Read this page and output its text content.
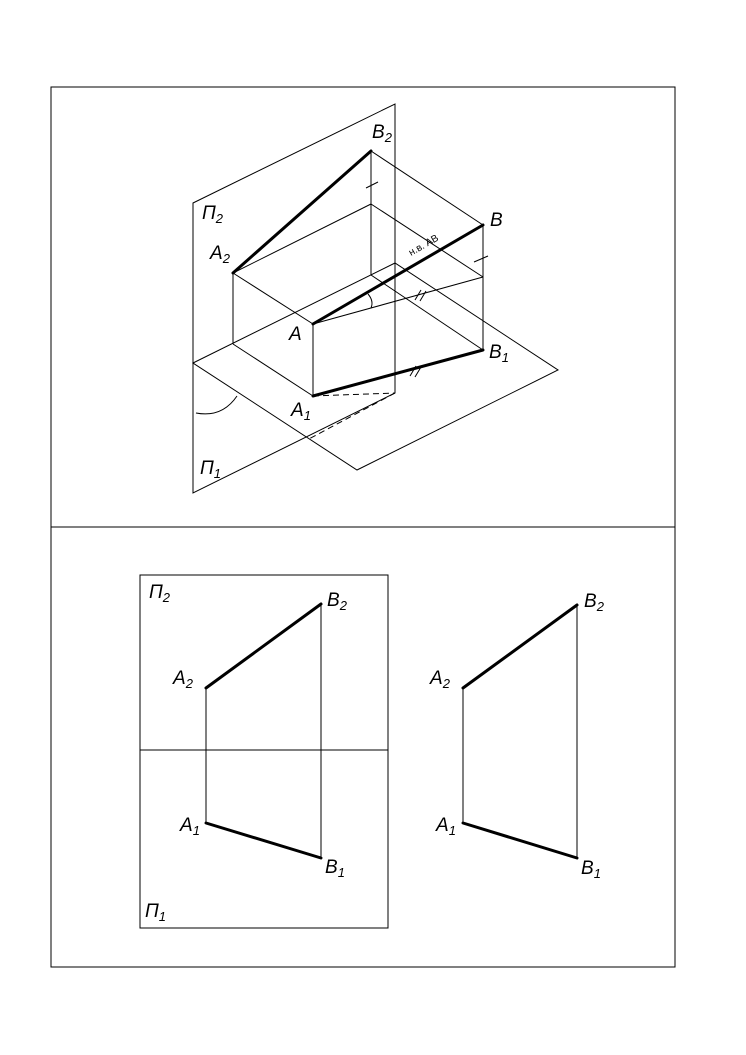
$П_2$
$П_1$
$A_2$
$B_2$
A
B
$A_1$
$B_1$
н.в. AB
$П_2$
$П_1$
$A_2$
$B_2$
$A_1$
$B_1$
$A_2$
$B_2$
$A_1$
$B_1$
